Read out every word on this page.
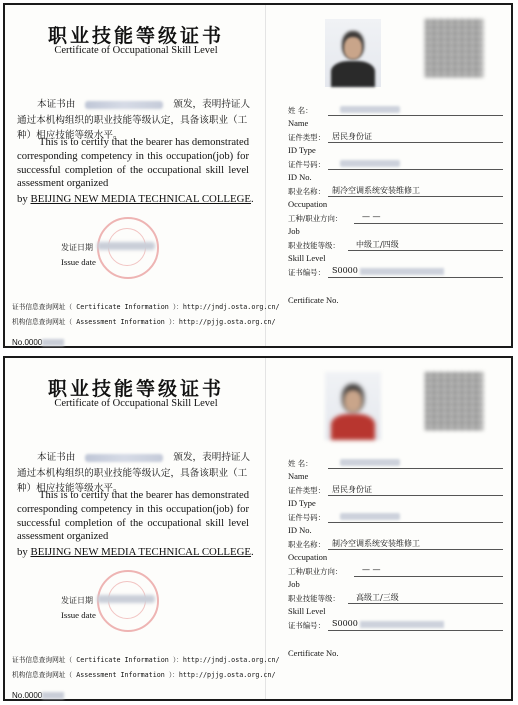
职业技能等级证书
Certificate of Occupational Skill Level
本证书由	颁发，表明持证人通过本机构组织的职业技能等级认定，具备该职业（工种）相应技能等级水平。
This is to certify that the bearer has demonstrated corresponding competency in this occupation(job) for successful completion of the occupational skill level assessment organized
by BEIJING NEW MEDIA TECHNICAL COLLEGE.
发证日期
Issue date
证书信息查询网址（ Certificate Information ）：http://jndj.osta.org.cn/
机构信息查询网址（ Assessment Information ）：http://pjjg.osta.org.cn/
No.0000
姓 名：
Name
证件类型： 居民身份证
ID Type
证件号码：
ID No.
职业名称： 制冷空调系统安装维修工
Occupation
工种/职业方向： — —
Job
职业技能等级： 中级工/四级
Skill Level
证书编号： S0000
Certificate No.
职业技能等级证书
Certificate of Occupational Skill Level
本证书由	颁发，表明持证人通过本机构组织的职业技能等级认定，具备该职业（工种）相应技能等级水平。
This is to certify that the bearer has demonstrated corresponding competency in this occupation(job) for successful completion of the occupational skill level assessment organized
by BEIJING NEW MEDIA TECHNICAL COLLEGE.
发证日期
Issue date
证书信息查询网址（ Certificate Information ）：http://jndj.osta.org.cn/
机构信息查询网址（ Assessment Information ）：http://pjjg.osta.org.cn/
No.0000
姓 名：
Name
证件类型： 居民身份证
ID Type
证件号码：
ID No.
职业名称： 制冷空调系统安装维修工
Occupation
工种/职业方向： — —
Job
职业技能等级： 高级工/三级
Skill Level
证书编号： S0000
Certificate No.
